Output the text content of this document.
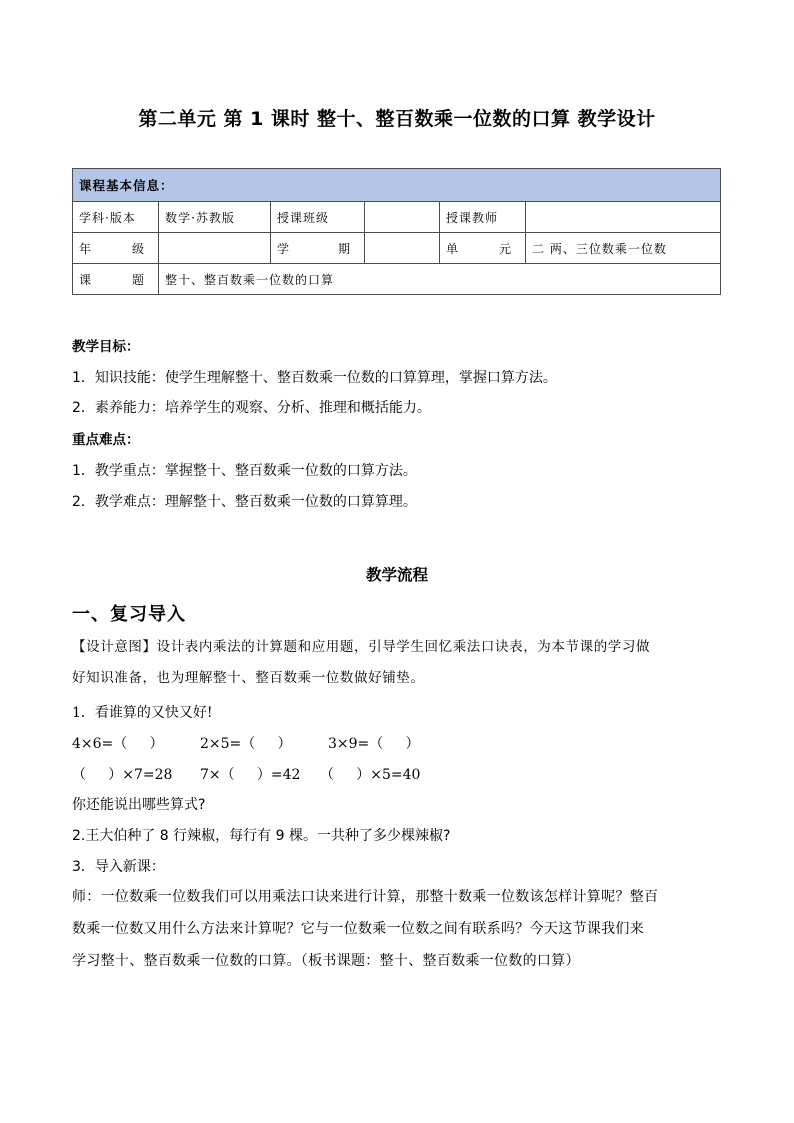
第二单元 第 1 课时 整十、整百数乘一位数的口算 教学设计
课程基本信息：					
学科·版本	数学·苏教版	授课班级		授课教师	

年 级		学 期		单 元	二 两、三位数乘一位数

课 题	整十、整百数乘一位数的口算				
教学目标：
1．知识技能：使学生理解整十、整百数乘一位数的口算算理，掌握口算方法。
2．素养能力：培养学生的观察、分析、推理和概括能力。
重点难点：
1．教学重点：掌握整十、整百数乘一位数的口算方法。
2．教学难点：理解整十、整百数乘一位数的口算算理。
教学流程
一、复习导入
【设计意图】设计表内乘法的计算题和应用题，引导学生回忆乘法口诀表，为本节课的学习做
好知识准备，也为理解整十、整百数乘一位数做好铺垫。
1．看谁算的又快又好!
4×6=（     ）	2×5=（     ）	3×9=（     ）
（     ）×7=28	7×（     ）=42	（     ）×5=40
你还能说出哪些算式?
2.王大伯种了 8 行辣椒，每行有 9 棵。一共种了多少棵辣椒?
3．导入新课：
师：一位数乘一位数我们可以用乘法口诀来进行计算，那整十数乘一位数该怎样计算呢？整百
数乘一位数又用什么方法来计算呢？它与一位数乘一位数之间有联系吗？今天这节课我们来
学习整十、整百数乘一位数的口算。（板书课题：整十、整百数乘一位数的口算）
